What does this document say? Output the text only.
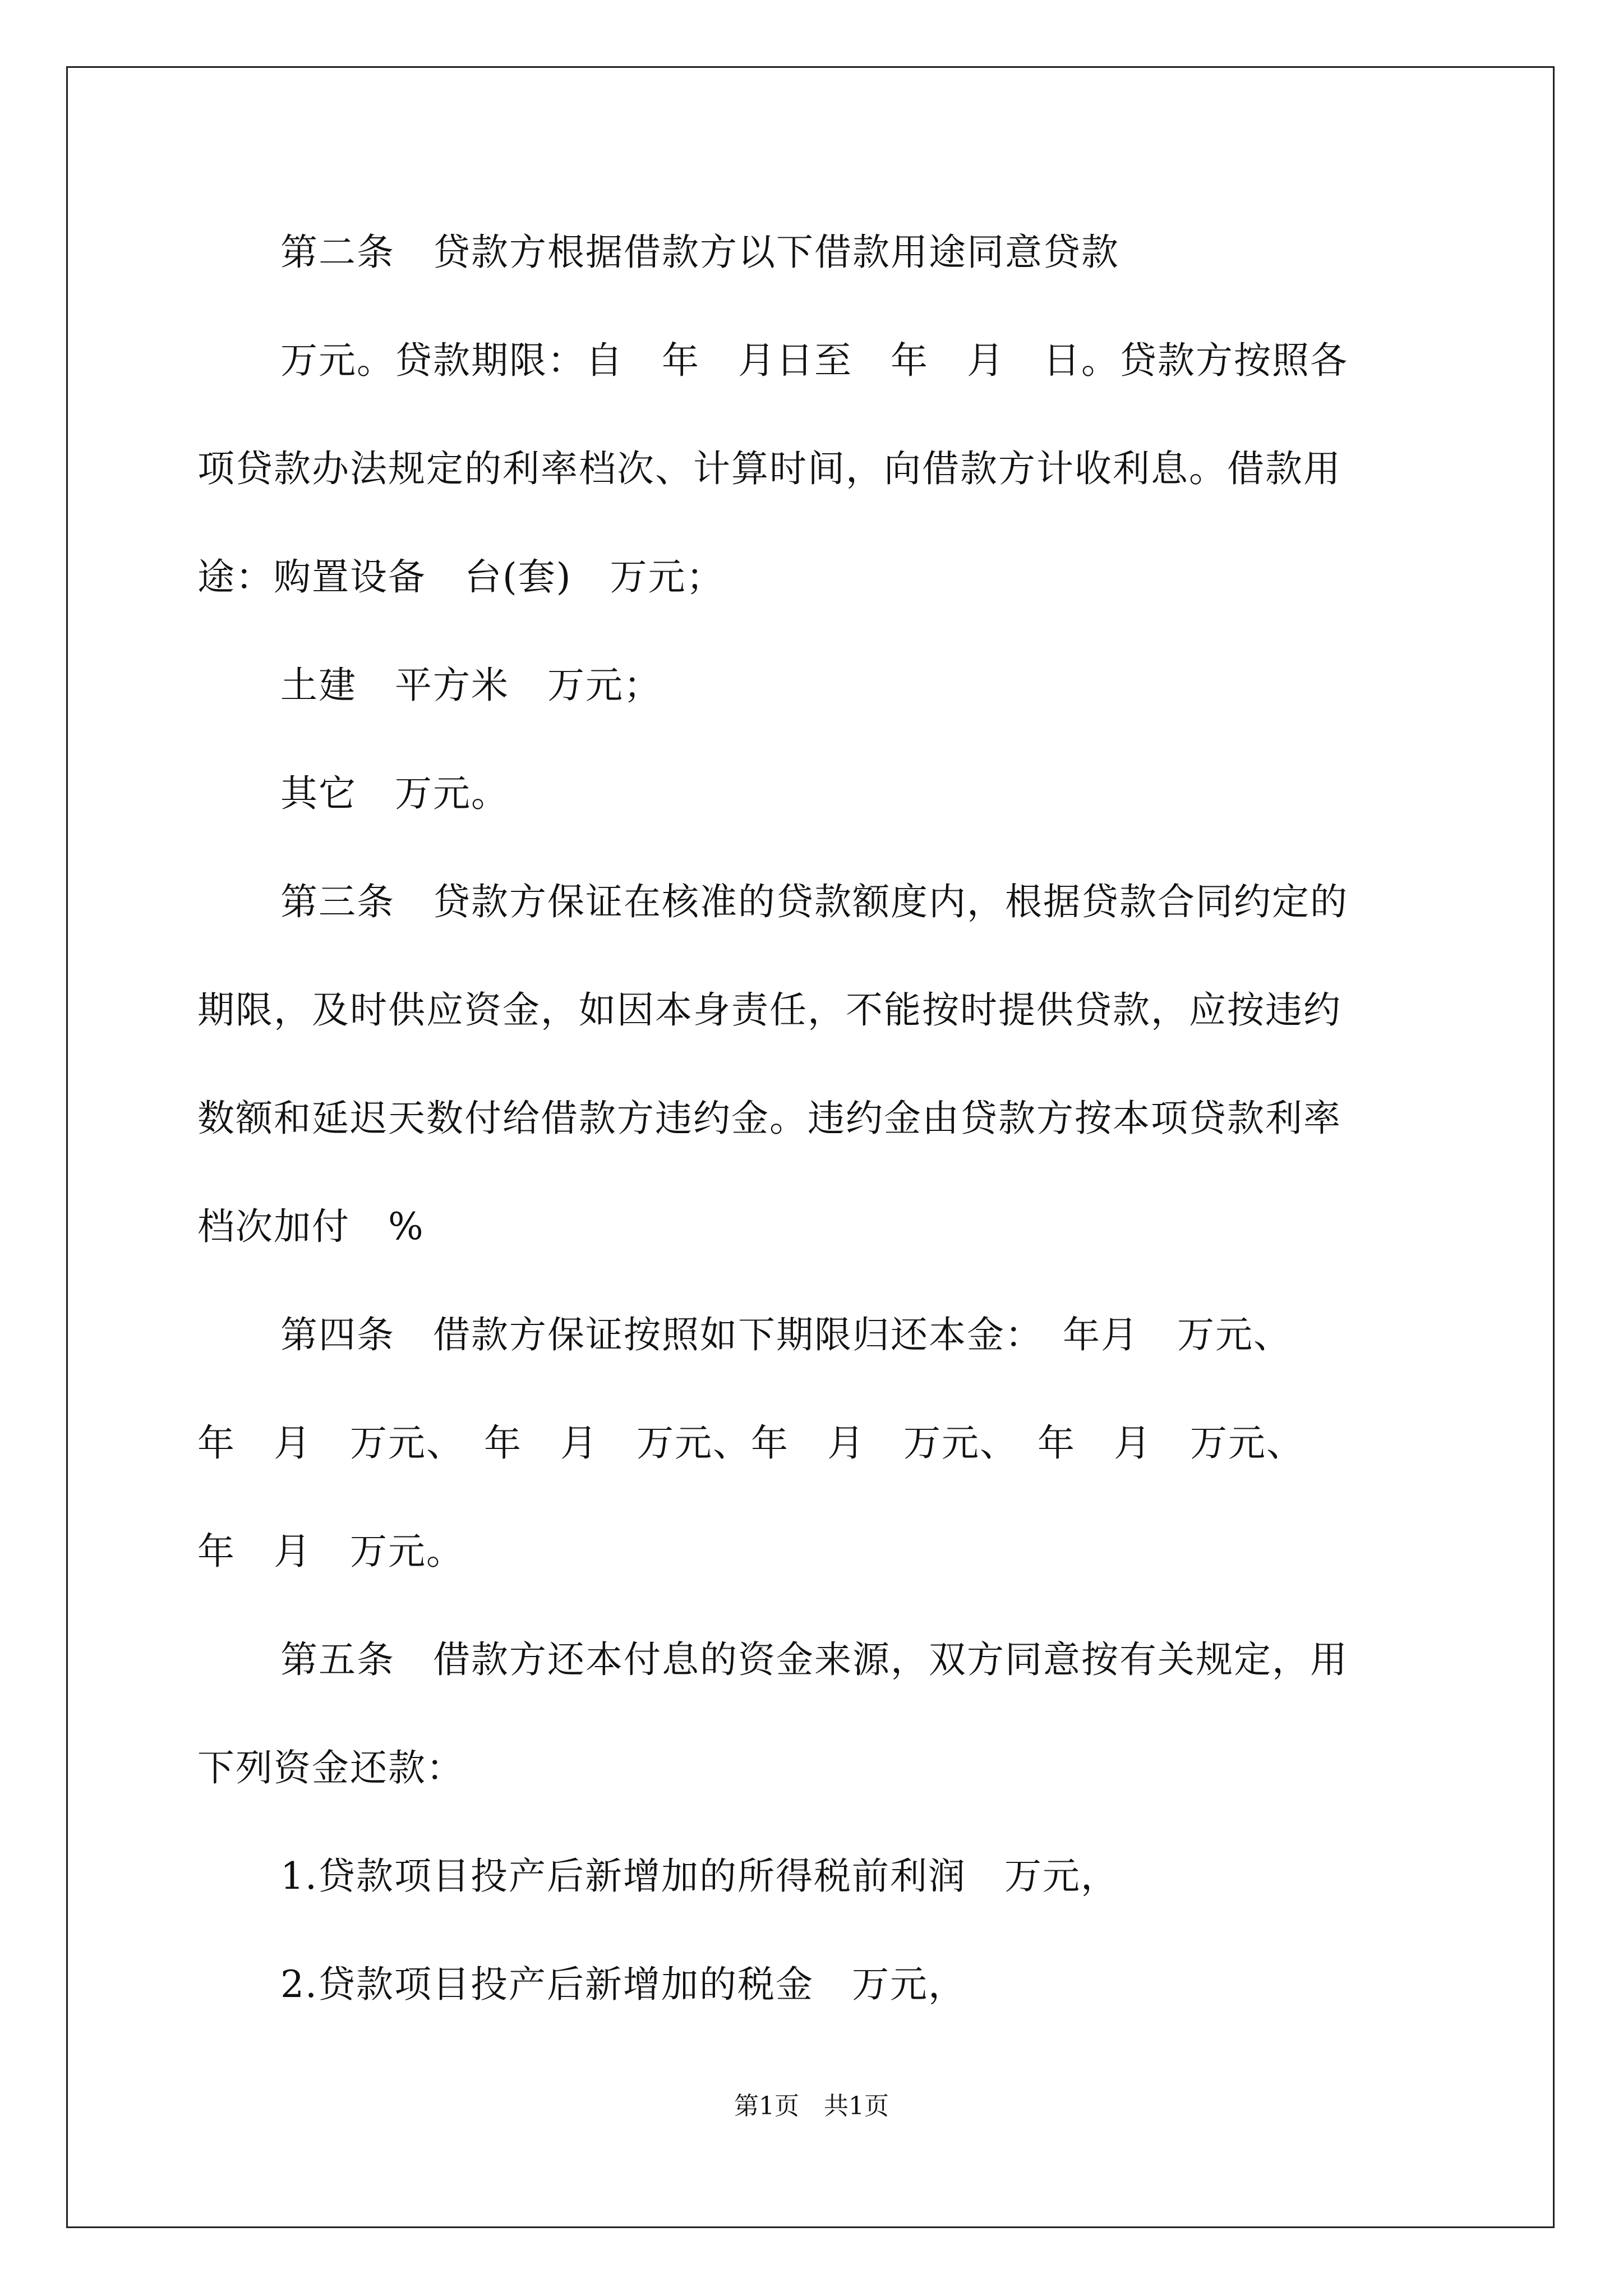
第二条　贷款方根据借款方以下借款用途同意贷款

万元。贷款期限：自　年　月日至　年　月　日。贷款方按照各

项贷款办法规定的利率档次、计算时间，向借款方计收利息。借款用

途：购置设备　台(套)　万元；

土建　平方米　万元；

其它　万元。

第三条　贷款方保证在核准的贷款额度内，根据贷款合同约定的

期限，及时供应资金，如因本身责任，不能按时提供贷款，应按违约

数额和延迟天数付给借款方违约金。违约金由贷款方按本项贷款利率

档次加付　%

第四条　借款方保证按照如下期限归还本金：　年月　万元、

年　月　万元、　年　月　万元、年　月　万元、　年　月　万元、

年　月　万元。

第五条　借款方还本付息的资金来源，双方同意按有关规定，用

下列资金还款：

1.贷款项目投产后新增加的所得税前利润　万元，

2.贷款项目投产后新增加的税金　万元，

第1页　共1页
